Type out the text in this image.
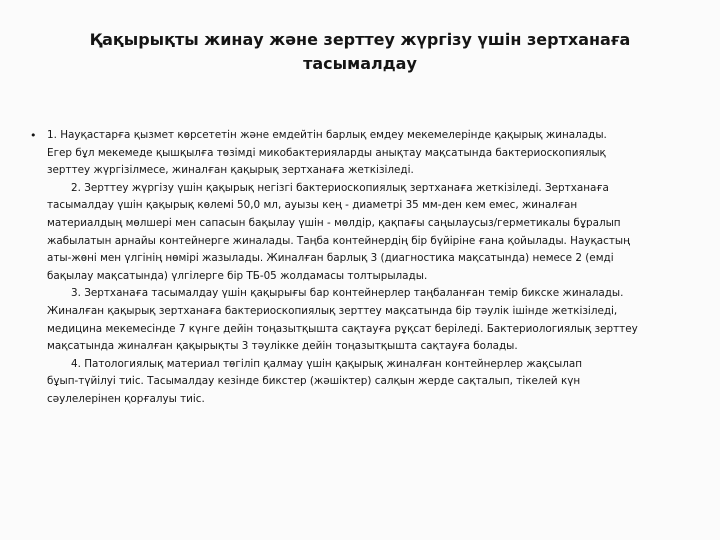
Қақырықты жинау және зерттеу жүргізу үшін зертханаға
тасымалдау
• 1. Науқастарға қызмет көрсететін және емдейтін барлық емдеу мекемелерінде қақырық жиналады.
Егер бұл мекемеде қышқылға төзімді микобактерияларды анықтау мақсатында бактериоскопиялық
зерттеу жүргізілмесе, жиналған қақырық зертханаға жеткізіледі.
2. Зерттеу жүргізу үшін қақырық негізгі бактериоскопиялық зертханаға жеткізіледі. Зертханаға
тасымалдау үшін қақырық көлемі 50,0 мл, ауызы кең - диаметрі 35 мм-ден кем емес, жиналған
материалдың мөлшері мен сапасын бақылау үшін - мөлдір, қақпағы саңылаусыз/герметикалы бұралып
жабылатын арнайы контейнерге жиналады. Таңба контейнердің бір бүйіріне ғана қойылады. Науқастың
аты-жөні мен үлгінің нөмірі жазылады. Жиналған барлық 3 (диагностика мақсатында) немесе 2 (емді
бақылау мақсатында) үлгілерге бір ТБ-05 жолдамасы толтырылады.
3. Зертханаға тасымалдау үшін қақырығы бар контейнерлер таңбаланған темір бикске жиналады.
Жиналған қақырық зертханаға бактериоскопиялық зерттеу мақсатында бір тәулік ішінде жеткізіледі,
медицина мекемесінде 7 күнге дейін тоңазытқышта сақтауға рұқсат беріледі. Бактериологиялық зерттеу
мақсатында жиналған қақырықты 3 тәулікке дейін тоңазытқышта сақтауға болады.
4. Патологиялық материал төгіліп қалмау үшін қақырық жиналған контейнерлер жақсылап
бұып-түйілуі тиіс. Тасымалдау кезінде бикстер (жәшіктер) салқын жерде сақталып, тікелей күн
сәулелерінен қорғалуы тиіс.
